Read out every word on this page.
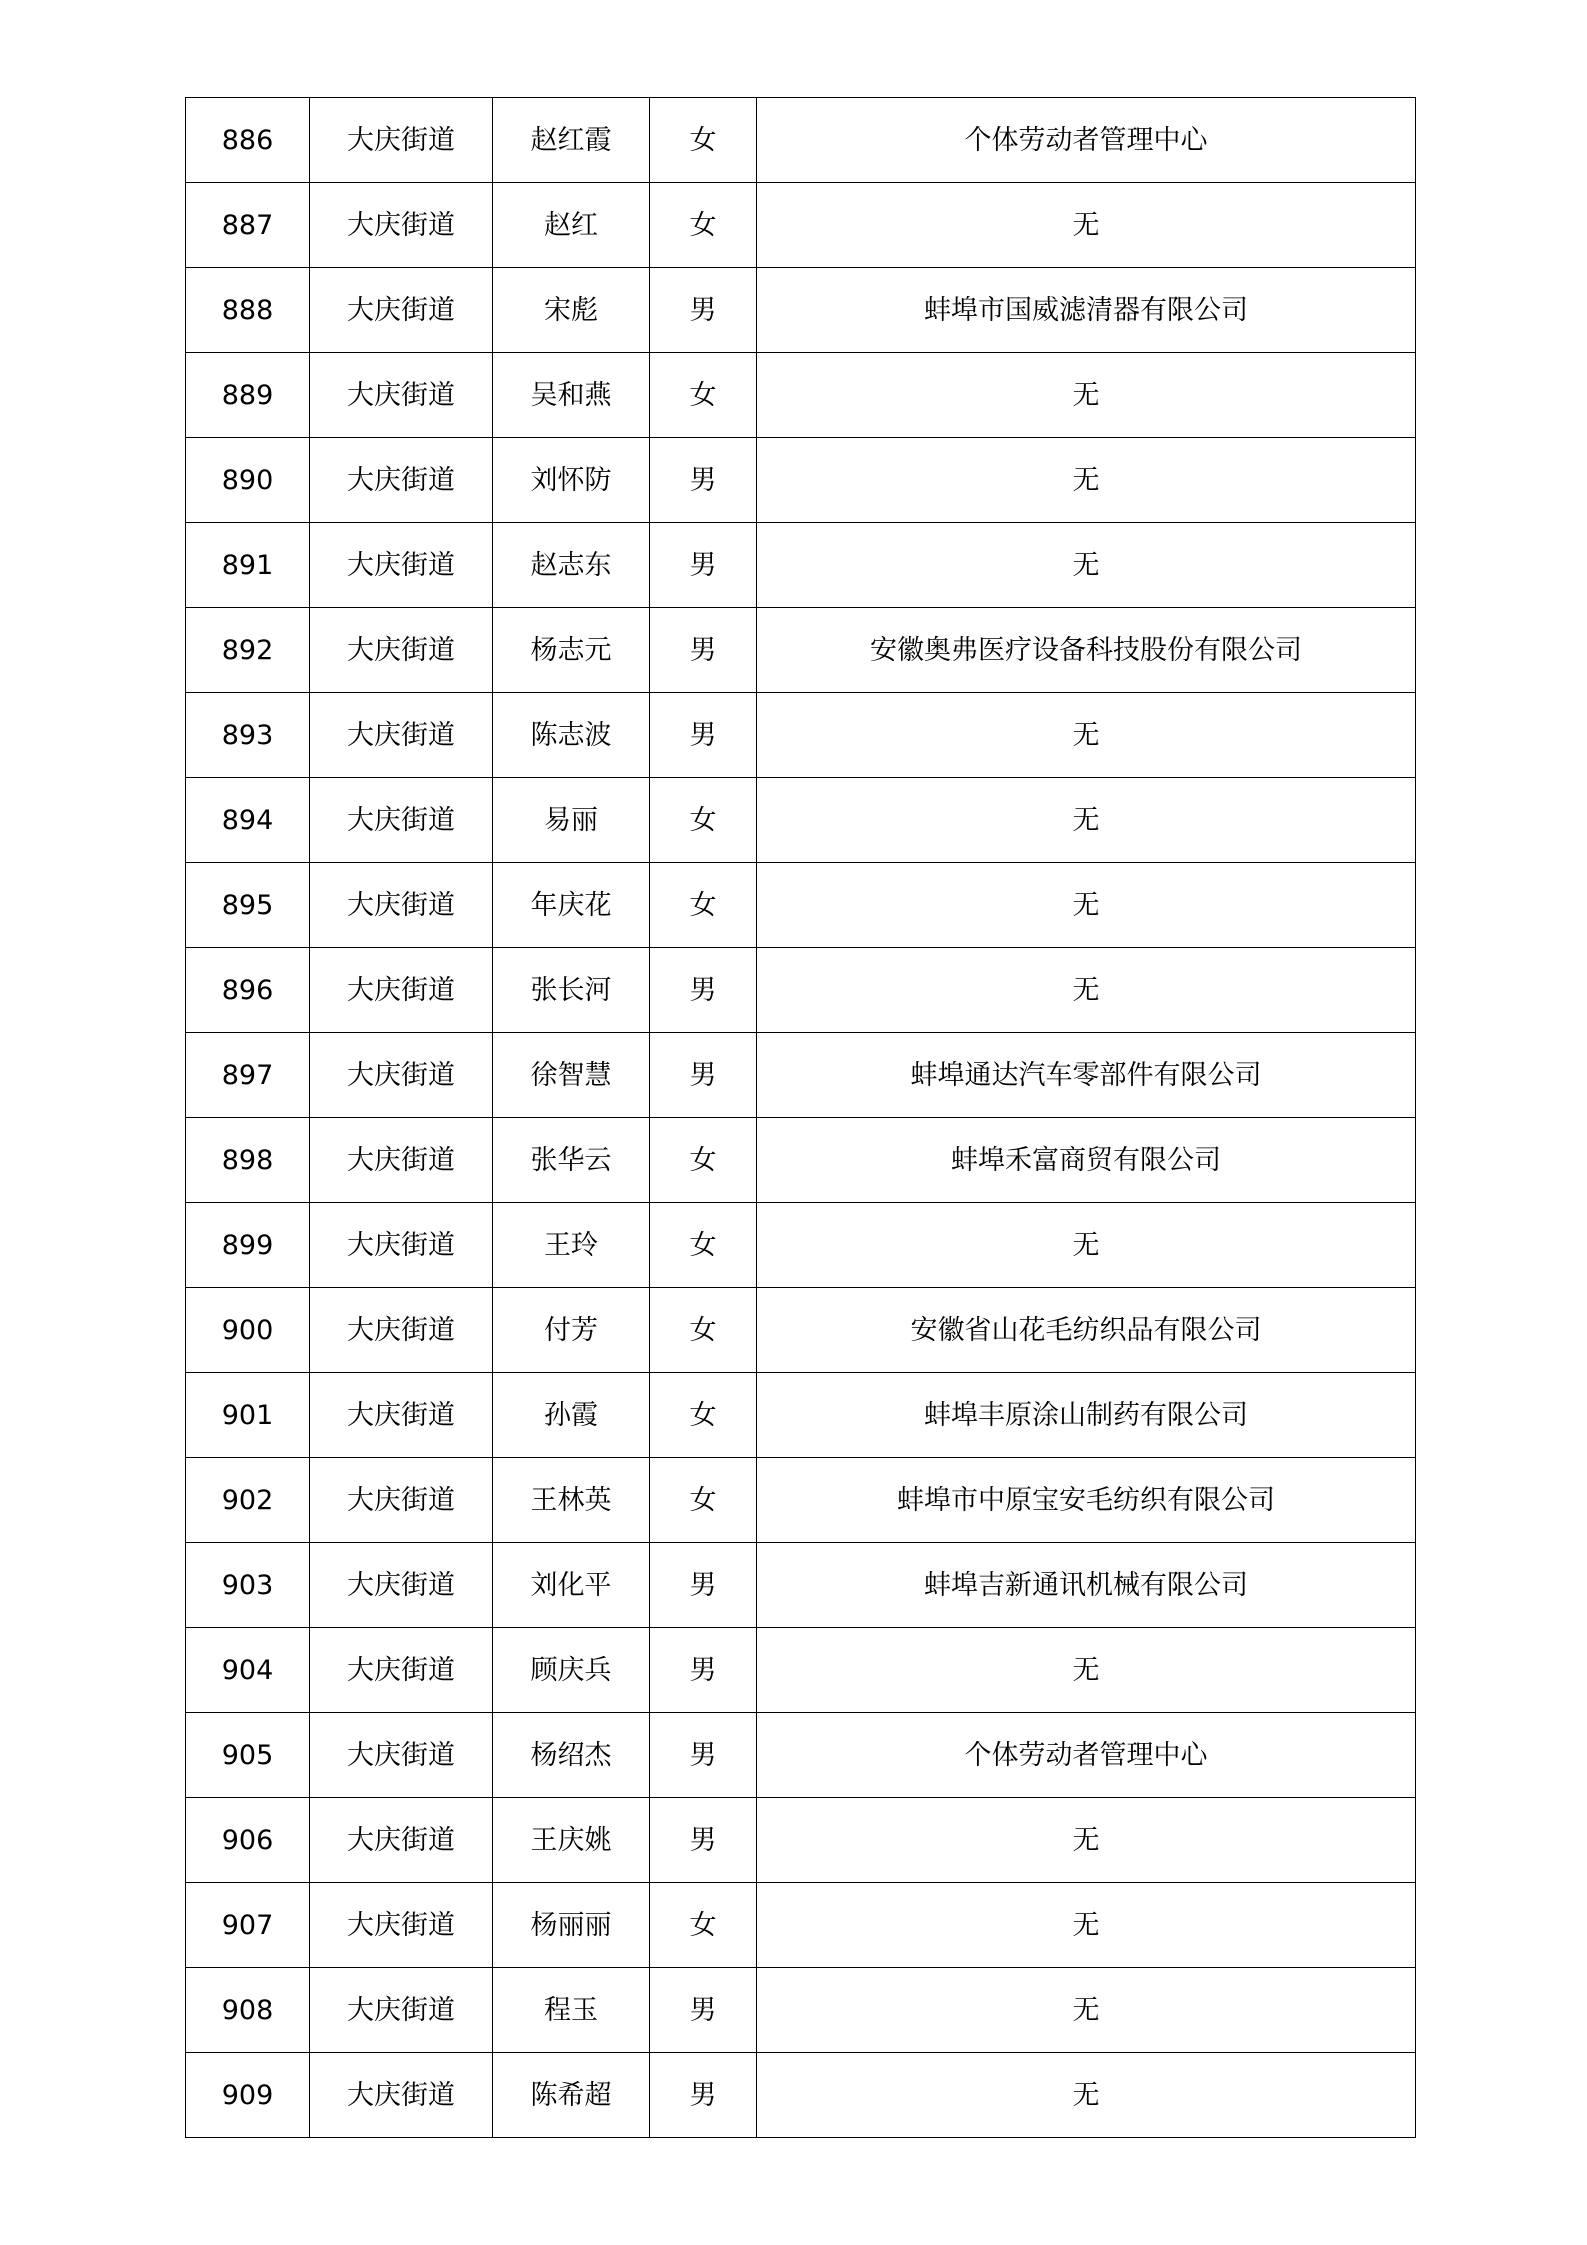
886	大庆街道	赵红霞	女	个体劳动者管理中心
887	大庆街道	赵红	女	无
888	大庆街道	宋彪	男	蚌埠市国威滤清器有限公司
889	大庆街道	吴和燕	女	无
890	大庆街道	刘怀防	男	无
891	大庆街道	赵志东	男	无
892	大庆街道	杨志元	男	安徽奥弗医疗设备科技股份有限公司
893	大庆街道	陈志波	男	无
894	大庆街道	易丽	女	无
895	大庆街道	年庆花	女	无
896	大庆街道	张长河	男	无
897	大庆街道	徐智慧	男	蚌埠通达汽车零部件有限公司
898	大庆街道	张华云	女	蚌埠禾富商贸有限公司
899	大庆街道	王玲	女	无
900	大庆街道	付芳	女	安徽省山花毛纺织品有限公司
901	大庆街道	孙霞	女	蚌埠丰原涂山制药有限公司
902	大庆街道	王林英	女	蚌埠市中原宝安毛纺织有限公司
903	大庆街道	刘化平	男	蚌埠吉新通讯机械有限公司
904	大庆街道	顾庆兵	男	无
905	大庆街道	杨绍杰	男	个体劳动者管理中心
906	大庆街道	王庆姚	男	无
907	大庆街道	杨丽丽	女	无
908	大庆街道	程玉	男	无
909	大庆街道	陈希超	男	无
